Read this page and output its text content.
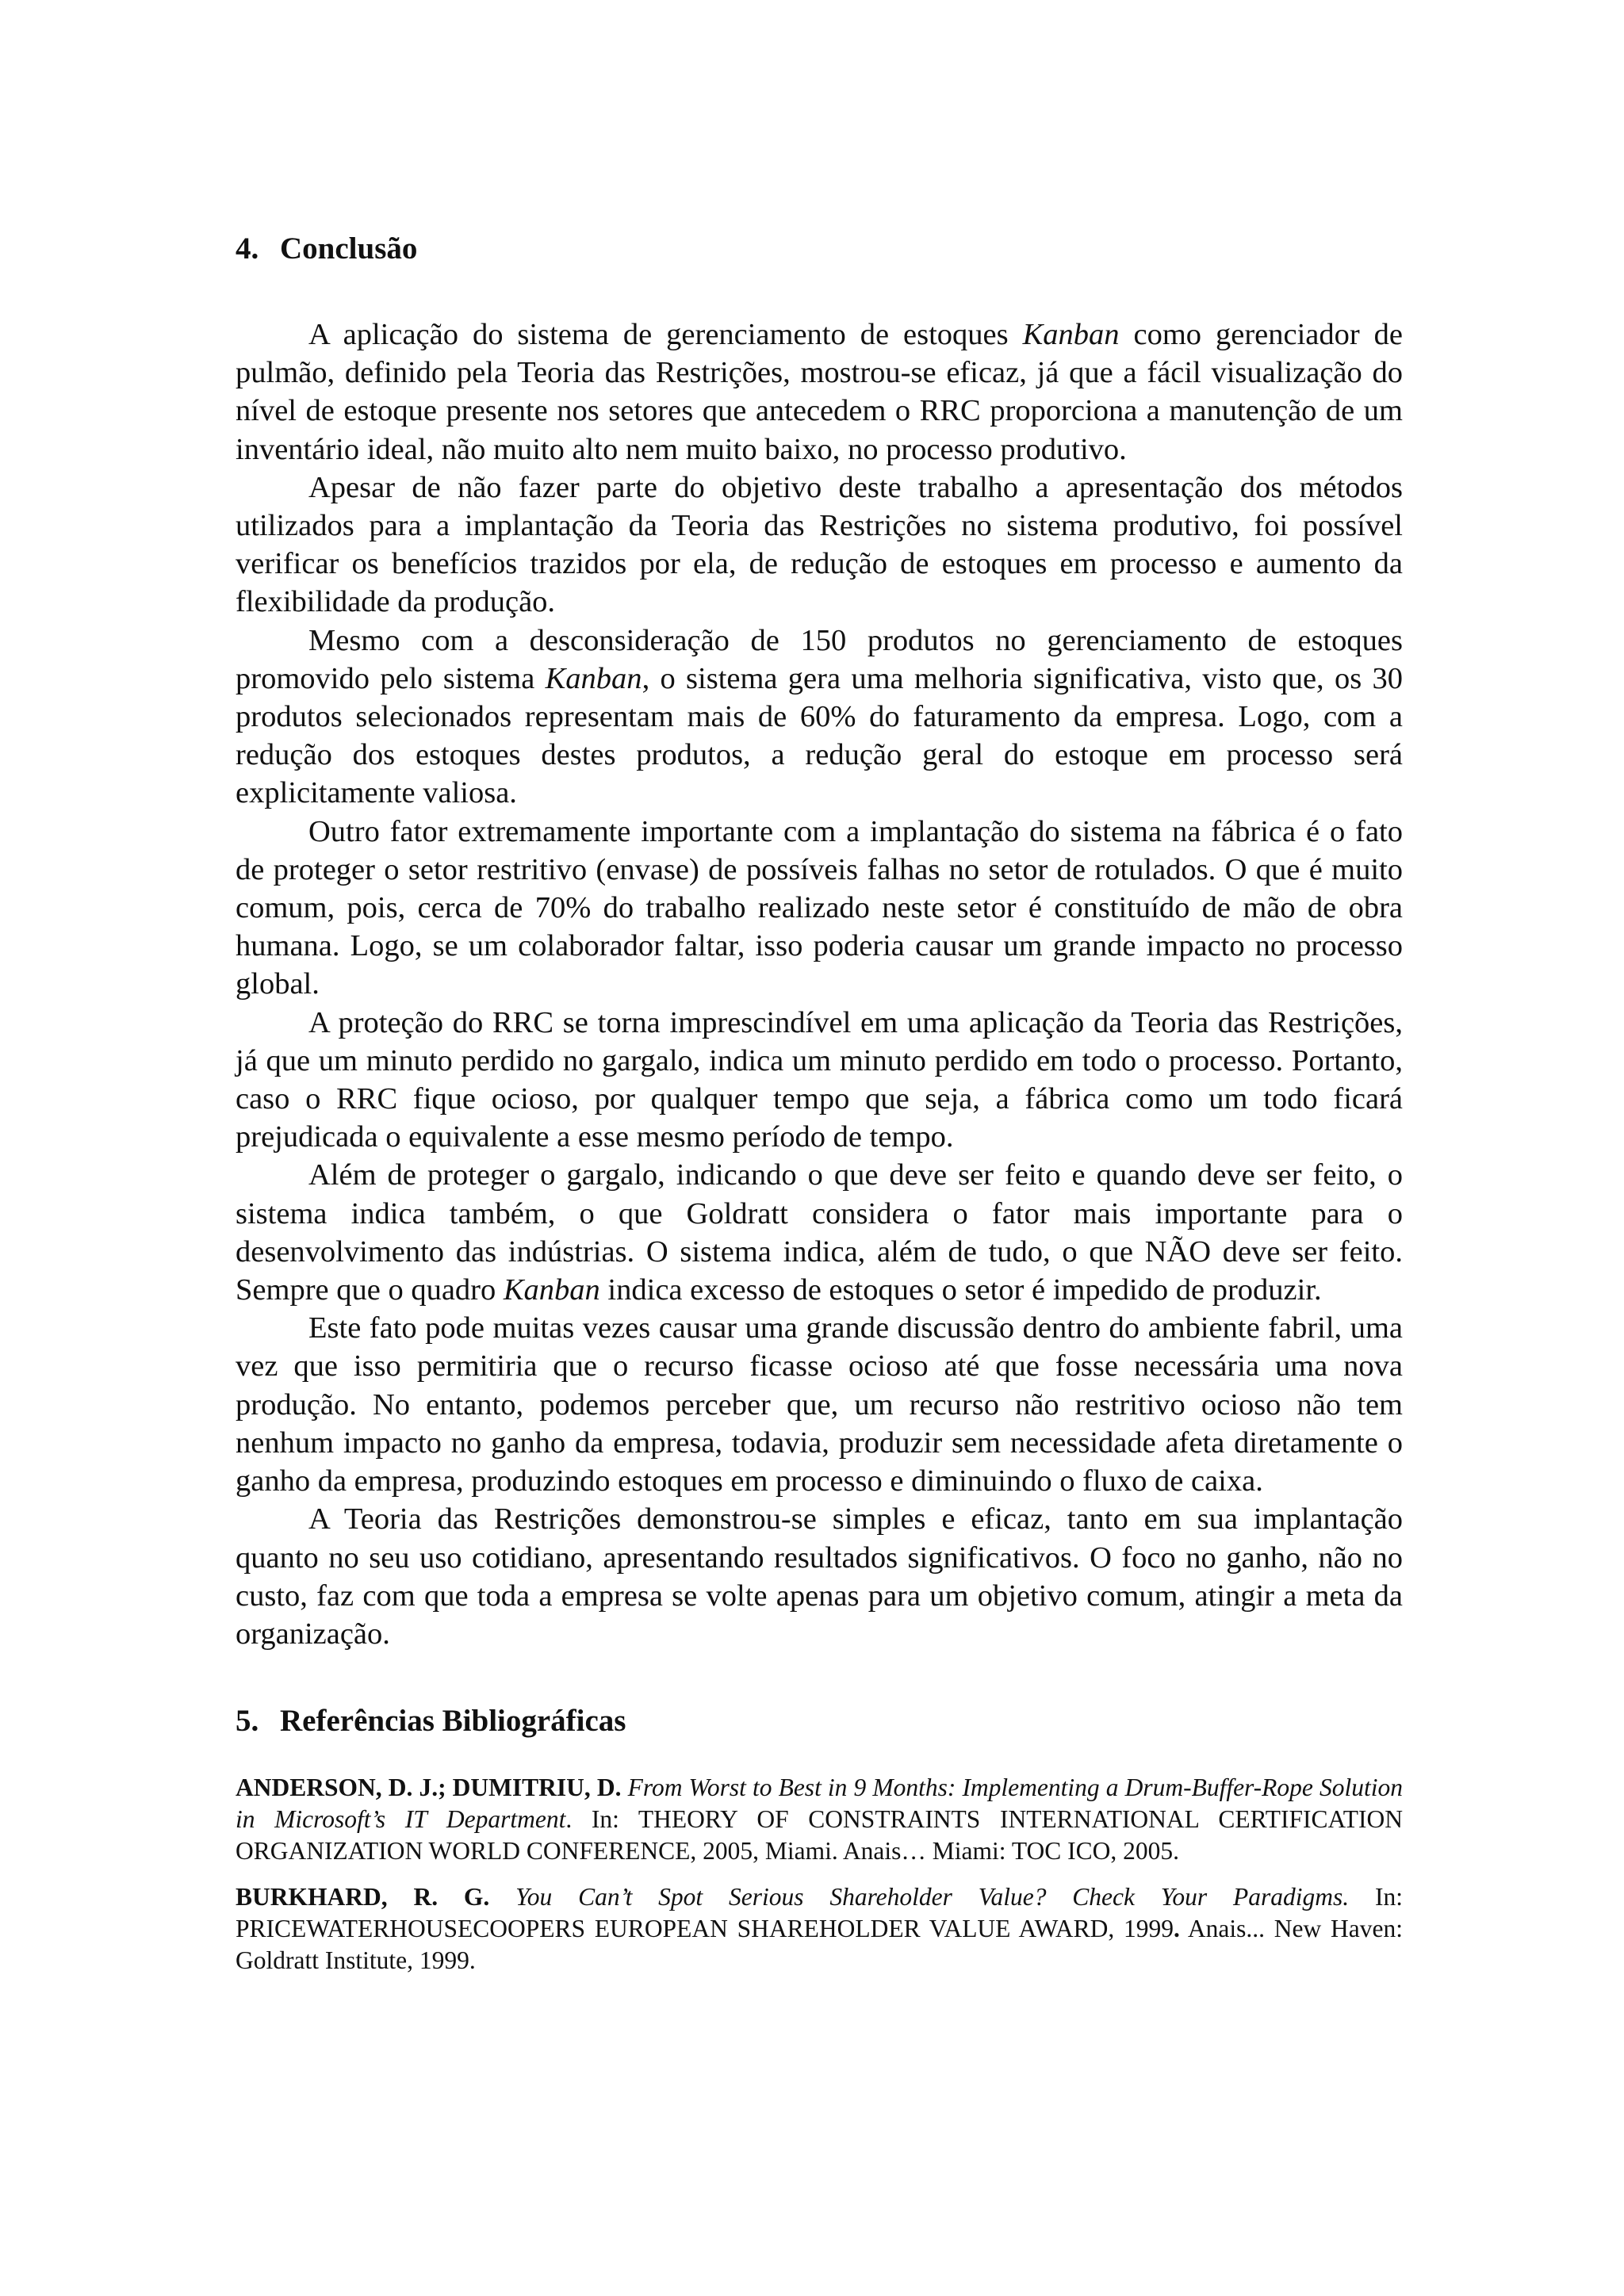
4. Conclusão

A aplicação do sistema de gerenciamento de estoques Kanban como gerenciador de pulmão, definido pela Teoria das Restrições, mostrou-se eficaz, já que a fácil visualização do nível de estoque presente nos setores que antecedem o RRC proporciona a manutenção de um inventário ideal, não muito alto nem muito baixo, no processo produtivo.

Apesar de não fazer parte do objetivo deste trabalho a apresentação dos métodos utilizados para a implantação da Teoria das Restrições no sistema produtivo, foi possível verificar os benefícios trazidos por ela, de redução de estoques em processo e aumento da flexibilidade da produção.

Mesmo com a desconsideração de 150 produtos no gerenciamento de estoques promovido pelo sistema Kanban, o sistema gera uma melhoria significativa, visto que, os 30 produtos selecionados representam mais de 60% do faturamento da empresa. Logo, com a redução dos estoques destes produtos, a redução geral do estoque em processo será explicitamente valiosa.

Outro fator extremamente importante com a implantação do sistema na fábrica é o fato de proteger o setor restritivo (envase) de possíveis falhas no setor de rotulados. O que é muito comum, pois, cerca de 70% do trabalho realizado neste setor é constituído de mão de obra humana. Logo, se um colaborador faltar, isso poderia causar um grande impacto no processo global.

A proteção do RRC se torna imprescindível em uma aplicação da Teoria das Restrições, já que um minuto perdido no gargalo, indica um minuto perdido em todo o processo. Portanto, caso o RRC fique ocioso, por qualquer tempo que seja, a fábrica como um todo ficará prejudicada o equivalente a esse mesmo período de tempo.

Além de proteger o gargalo, indicando o que deve ser feito e quando deve ser feito, o sistema indica também, o que Goldratt considera o fator mais importante para o desenvolvimento das indústrias. O sistema indica, além de tudo, o que NÃO deve ser feito. Sempre que o quadro Kanban indica excesso de estoques o setor é impedido de produzir.

Este fato pode muitas vezes causar uma grande discussão dentro do ambiente fabril, uma vez que isso permitiria que o recurso ficasse ocioso até que fosse necessária uma nova produção. No entanto, podemos perceber que, um recurso não restritivo ocioso não tem nenhum impacto no ganho da empresa, todavia, produzir sem necessidade afeta diretamente o ganho da empresa, produzindo estoques em processo e diminuindo o fluxo de caixa.

A Teoria das Restrições demonstrou-se simples e eficaz, tanto em sua implantação quanto no seu uso cotidiano, apresentando resultados significativos. O foco no ganho, não no custo, faz com que toda a empresa se volte apenas para um objetivo comum, atingir a meta da organização.

5. Referências Bibliográficas

ANDERSON, D. J.; DUMITRIU, D. From Worst to Best in 9 Months: Implementing a Drum-Buffer-Rope Solution in Microsoft’s IT Department. In: THEORY OF CONSTRAINTS INTERNATIONAL CERTIFICATION ORGANIZATION WORLD CONFERENCE, 2005, Miami. Anais… Miami: TOC ICO, 2005.

BURKHARD, R. G. You Can’t Spot Serious Shareholder Value? Check Your Paradigms. In: PRICEWATERHOUSECOOPERS EUROPEAN SHAREHOLDER VALUE AWARD, 1999. Anais... New Haven: Goldratt Institute, 1999.
